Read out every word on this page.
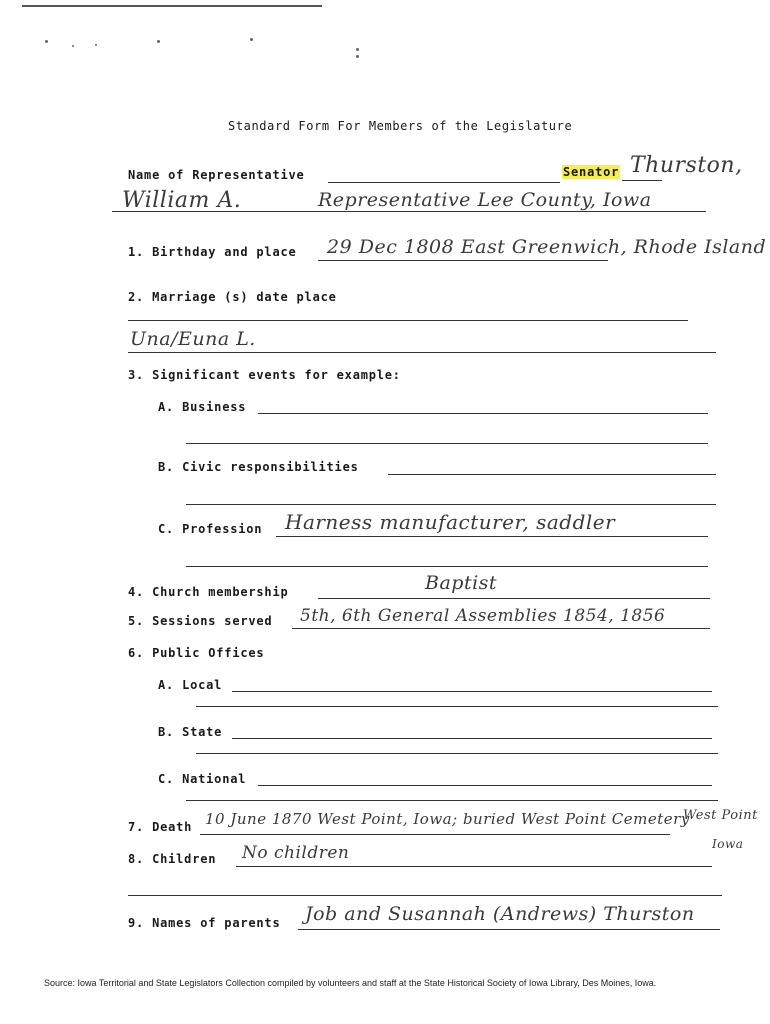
Standard Form For Members of the Legislature
Name of Representative	Senator Thurston,
William A.	Representative Lee County, Iowa
1. Birthday and place 29 Dec 1808 East Greenwich, Rhode Island
2. Marriage (s) date place
Una/Euna L.
3. Significant events for example:
A. Business
B. Civic responsibilities
C. Profession Harness manufacturer, saddler
4. Church membership	Baptist
5. Sessions served 5th, 6th General Assemblies 1854, 1856
6. Public Offices
A. Local
B. State
C. National
7. Death 10 June 1870 West Point, Iowa; buried West Point Cemetery
West Point
Iowa
8. Children No children
9. Names of parents Job and Susannah (Andrews) Thurston
Source: Iowa Territorial and State Legislators Collection compiled by volunteers and staff at the State Historical Society of Iowa Library, Des Moines, Iowa.
